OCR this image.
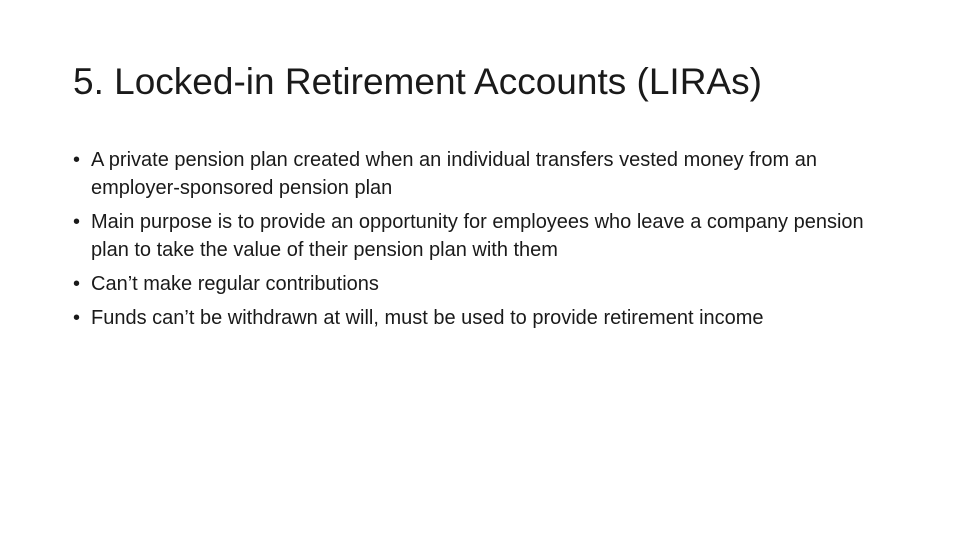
5. Locked-in Retirement Accounts (LIRAs)
• A private pension plan created when an individual transfers vested money from an employer-sponsored pension plan
• Main purpose is to provide an opportunity for employees who leave a company pension plan to take the value of their pension plan with them
• Can’t make regular contributions
• Funds can’t be withdrawn at will, must be used to provide retirement income
